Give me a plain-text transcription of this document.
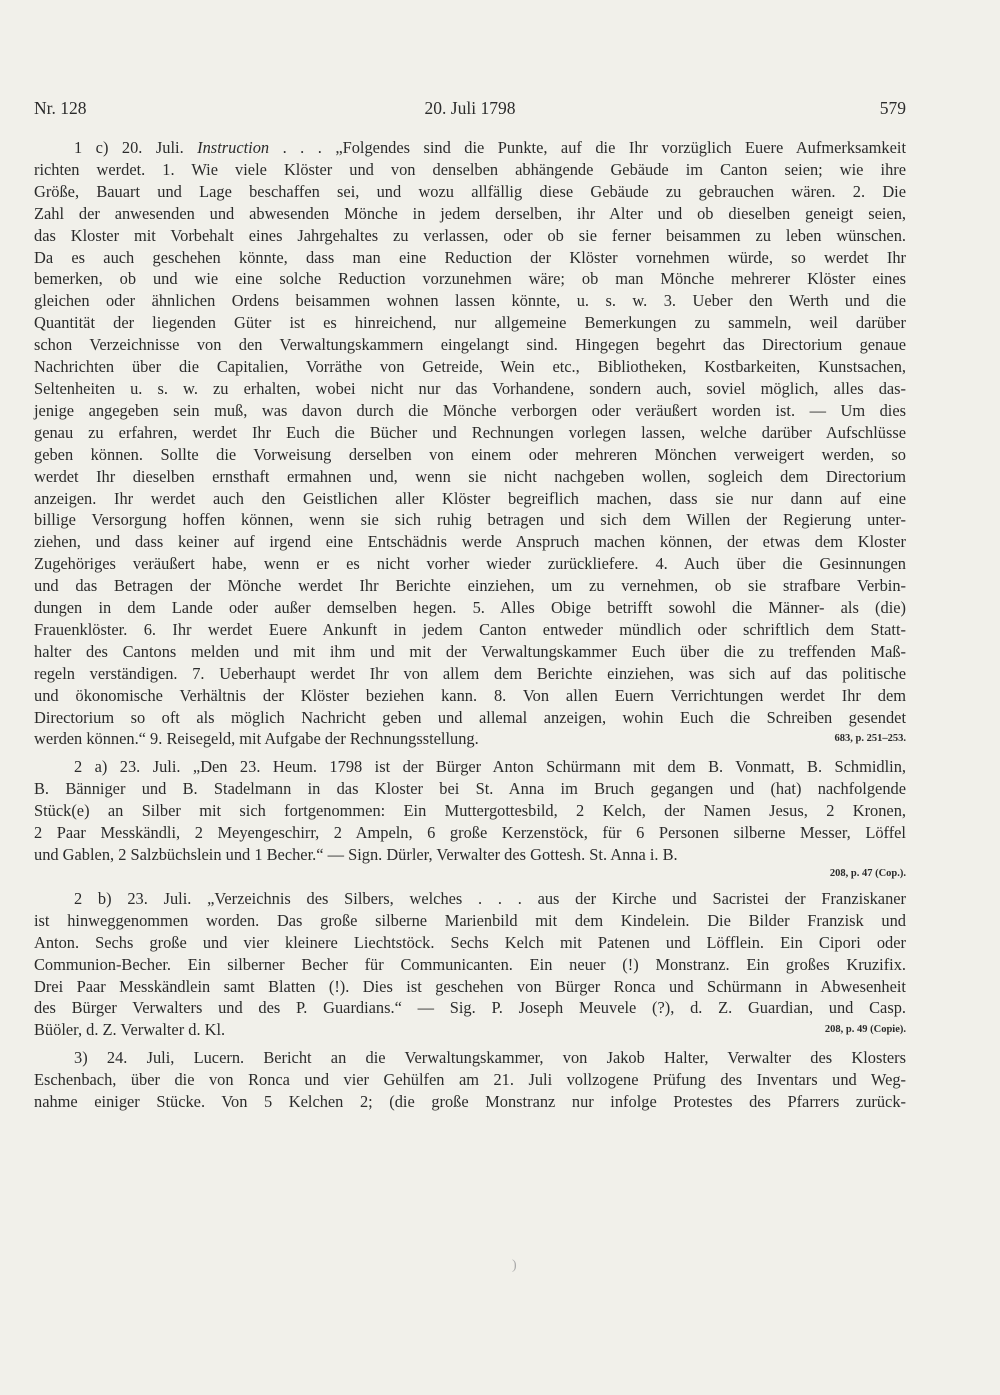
20. Juli 1798
Nr. 128	579
1 c) 20. Juli. Instruction . . . „Folgendes sind die Punkte, auf die Ihr vorzüglich Euere Aufmerksamkeit
richten werdet. 1. Wie viele Klöster und von denselben abhängende Gebäude im Canton seien; wie ihre
Größe, Bauart und Lage beschaffen sei, und wozu allfällig diese Gebäude zu gebrauchen wären. 2. Die
Zahl der anwesenden und abwesenden Mönche in jedem derselben, ihr Alter und ob dieselben geneigt seien,
das Kloster mit Vorbehalt eines Jahrgehaltes zu verlassen, oder ob sie ferner beisammen zu leben wünschen.
Da es auch geschehen könnte, dass man eine Reduction der Klöster vornehmen würde, so werdet Ihr
bemerken, ob und wie eine solche Reduction vorzunehmen wäre; ob man Mönche mehrerer Klöster eines
gleichen oder ähnlichen Ordens beisammen wohnen lassen könnte, u. s. w. 3. Ueber den Werth und die
Quantität der liegenden Güter ist es hinreichend, nur allgemeine Bemerkungen zu sammeln, weil darüber
schon Verzeichnisse von den Verwaltungskammern eingelangt sind. Hingegen begehrt das Directorium genaue
Nachrichten über die Capitalien, Vorräthe von Getreide, Wein etc., Bibliotheken, Kostbarkeiten, Kunstsachen,
Seltenheiten u. s. w. zu erhalten, wobei nicht nur das Vorhandene, sondern auch, soviel möglich, alles das-
jenige angegeben sein muß, was davon durch die Mönche verborgen oder veräußert worden ist. — Um dies
genau zu erfahren, werdet Ihr Euch die Bücher und Rechnungen vorlegen lassen, welche darüber Aufschlüsse
geben können. Sollte die Vorweisung derselben von einem oder mehreren Mönchen verweigert werden, so
werdet Ihr dieselben ernsthaft ermahnen und, wenn sie nicht nachgeben wollen, sogleich dem Directorium
anzeigen. Ihr werdet auch den Geistlichen aller Klöster begreiflich machen, dass sie nur dann auf eine
billige Versorgung hoffen können, wenn sie sich ruhig betragen und sich dem Willen der Regierung unter-
ziehen, und dass keiner auf irgend eine Entschädnis werde Anspruch machen können, der etwas dem Kloster
Zugehöriges veräußert habe, wenn er es nicht vorher wieder zurückliefere. 4. Auch über die Gesinnungen
und das Betragen der Mönche werdet Ihr Berichte einziehen, um zu vernehmen, ob sie strafbare Verbin-
dungen in dem Lande oder außer demselben hegen. 5. Alles Obige betrifft sowohl die Männer- als (die)
Frauenklöster. 6. Ihr werdet Euere Ankunft in jedem Canton entweder mündlich oder schriftlich dem Statt-
halter des Cantons melden und mit ihm und mit der Verwaltungskammer Euch über die zu treffenden Maß-
regeln verständigen. 7. Ueberhaupt werdet Ihr von allem dem Berichte einziehen, was sich auf das politische
und ökonomische Verhältnis der Klöster beziehen kann. 8. Von allen Euern Verrichtungen werdet Ihr dem
Directorium so oft als möglich Nachricht geben und allemal anzeigen, wohin Euch die Schreiben gesendet
werden können.“ 9. Reisegeld, mit Aufgabe der Rechnungsstellung.	683, p. 251–253.
2 a) 23. Juli. „Den 23. Heum. 1798 ist der Bürger Anton Schürmann mit dem B. Vonmatt, B. Schmidlin,
B. Bänniger und B. Stadelmann in das Kloster bei St. Anna im Bruch gegangen und (hat) nachfolgende
Stück(e) an Silber mit sich fortgenommen: Ein Muttergottesbild, 2 Kelch, der Namen Jesus, 2 Kronen,
2 Paar Messkändli, 2 Meyengeschirr, 2 Ampeln, 6 große Kerzenstöck, für 6 Personen silberne Messer, Löffel
und Gablen, 2 Salzbüchslein und 1 Becher.“ — Sign. Dürler, Verwalter des Gottesh. St. Anna i. B.
208, p. 47 (Cop.).
2 b) 23. Juli. „Verzeichnis des Silbers, welches . . . aus der Kirche und Sacristei der Franziskaner
ist hinweggenommen worden. Das große silberne Marienbild mit dem Kindelein. Die Bilder Franzisk und
Anton. Sechs große und vier kleinere Liechtstöck. Sechs Kelch mit Patenen und Löfflein. Ein Cipori oder
Communion-Becher. Ein silberner Becher für Communicanten. Ein neuer (!) Monstranz. Ein großes Kruzifix.
Drei Paar Messkändlein samt Blatten (!). Dies ist geschehen von Bürger Ronca und Schürmann in Abwesenheit
des Bürger Verwalters und des P. Guardians.“ — Sig. P. Joseph Meuvele (?), d. Z. Guardian, und Casp.
Büöler, d. Z. Verwalter d. Kl.	208, p. 49 (Copie).
3) 24. Juli, Lucern. Bericht an die Verwaltungskammer, von Jakob Halter, Verwalter des Klosters
Eschenbach, über die von Ronca und vier Gehülfen am 21. Juli vollzogene Prüfung des Inventars und Weg-
nahme einiger Stücke. Von 5 Kelchen 2; (die große Monstranz nur infolge Protestes des Pfarrers zurück-
)
